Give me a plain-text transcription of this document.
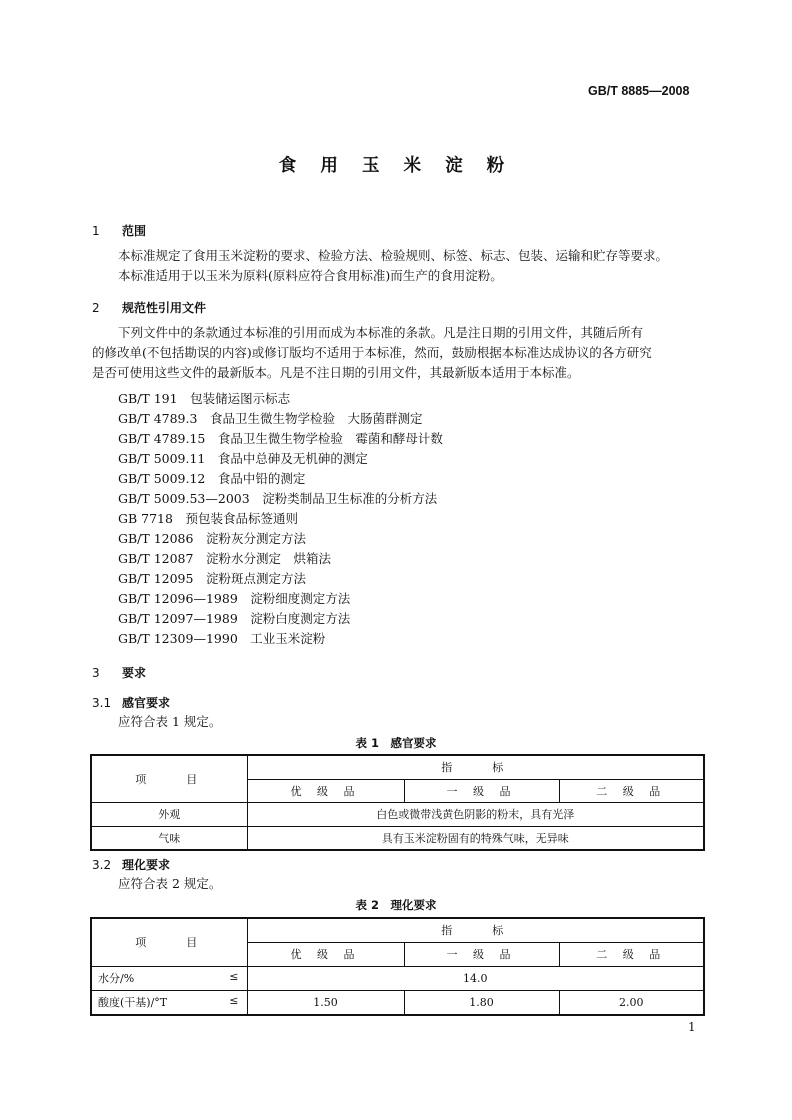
GB/T 8885—2008
食 用 玉 米 淀 粉
1 范围
本标准规定了食用玉米淀粉的要求、检验方法、检验规则、标签、标志、包装、运输和贮存等要求。
本标准适用于以玉米为原料(原料应符合食用标准)而生产的食用淀粉。
2 规范性引用文件
下列文件中的条款通过本标准的引用而成为本标准的条款。凡是注日期的引用文件，其随后所有
的修改单(不包括勘误的内容)或修订版均不适用于本标准，然而，鼓励根据本标准达成协议的各方研究
是否可使用这些文件的最新版本。凡是不注日期的引用文件，其最新版本适用于本标准。
GB/T 191　 包装储运图示标志
GB/T 4789.3　 食品卫生微生物学检验　大肠菌群测定
GB/T 4789.15　 食品卫生微生物学检验　霉菌和酵母计数
GB/T 5009.11　 食品中总砷及无机砷的测定
GB/T 5009.12　 食品中铅的测定
GB/T 5009.53—2003　 淀粉类制品卫生标准的分析方法
GB 7718　 预包装食品标签通则
GB/T 12086　 淀粉灰分测定方法
GB/T 12087　 淀粉水分测定　烘箱法
GB/T 12095　 淀粉斑点测定方法
GB/T 12096—1989　 淀粉细度测定方法
GB/T 12097—1989　 淀粉白度测定方法
GB/T 12309—1990　 工业玉米淀粉
3 要求
3.1 感官要求
应符合表 1 规定。
表 1　感官要求
项　　目	指　　标		
	优 级 品	一 级 品	二 级 品
外观	白色或微带浅黄色阴影的粉末，具有光泽		
气味	具有玉米淀粉固有的特殊气味，无异味		
3.2 理化要求
应符合表 2 规定。
表 2　理化要求
项　　目	指　　标		
	优 级 品	一 级 品	二 级 品
水分/% ≤	14.0		
酸度(干基)/°T ≤	1.50	1.80	2.00
1
